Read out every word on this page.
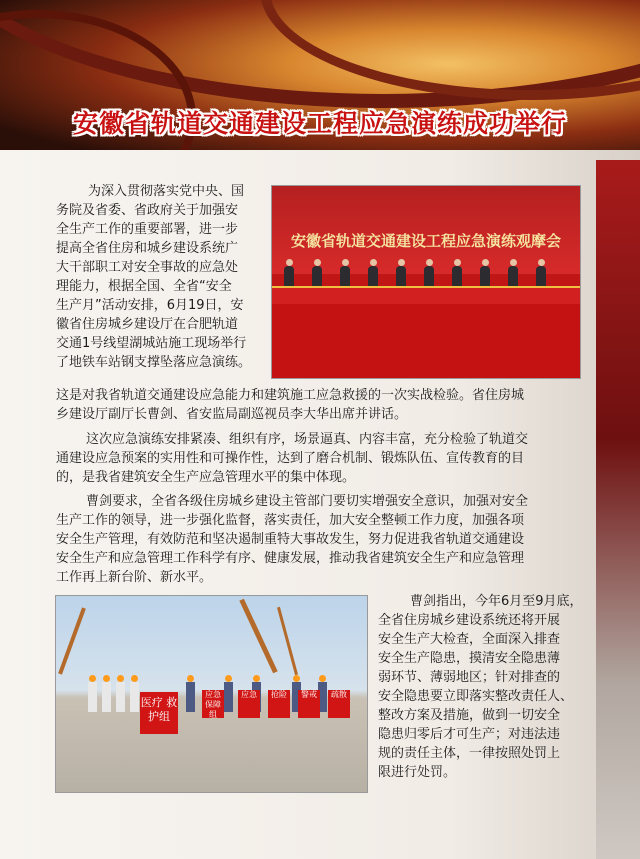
安徽省轨道交通建设工程应急演练成功举行
安徽省轨道交通建设工程应急演练观摩会
为深入贯彻落实党中央、国
务院及省委、省政府关于加强安
全生产工作的重要部署，进一步
提高全省住房和城乡建设系统广
大干部职工对安全事故的应急处
理能力，根据全国、全省“安全
生产月”活动安排，6月19日，安
徽省住房城乡建设厅在合肥轨道
交通1号线望湖城站施工现场举行
了地铁车站钢支撑坠落应急演练。
这是对我省轨道交通建设应急能力和建筑施工应急救援的一次实战检验。省住房城
乡建设厅副厅长曹剑、省安监局副巡视员李大华出席并讲话。
这次应急演练安排紧凑、组织有序，场景逼真、内容丰富，充分检验了轨道交
通建设应急预案的实用性和可操作性，达到了磨合机制、锻炼队伍、宣传教育的目
的，是我省建筑安全生产应急管理水平的集中体现。
曹剑要求，全省各级住房城乡建设主管部门要切实增强安全意识，加强对安全
生产工作的领导，进一步强化监督，落实责任，加大安全整顿工作力度，加强各项
安全生产管理，有效防范和坚决遏制重特大事故发生，努力促进我省轨道交通建设
安全生产和应急管理工作科学有序、健康发展，推动我省建筑安全生产和应急管理
工作再上新台阶、新水平。
医疗 救护组
应急 保障组
应急	抢险	警戒	疏散
曹剑指出，今年6月至9月底，
全省住房城乡建设系统还将开展
安全生产大检查，全面深入排查
安全生产隐患，摸清安全隐患薄
弱环节、薄弱地区；针对排查的
安全隐患要立即落实整改责任人、
整改方案及措施，做到一切安全
隐患归零后才可生产；对违法违
规的责任主体，一律按照处罚上
限进行处罚。
